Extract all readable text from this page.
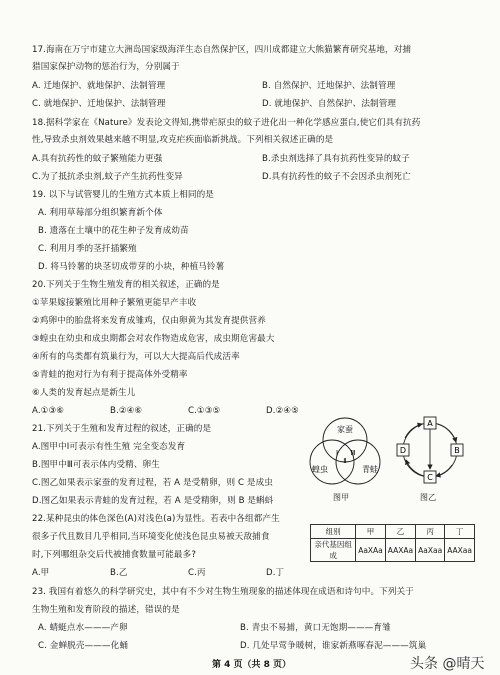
17.海南在万宁市建立大洲岛国家级海洋生态自然保护区，四川成都建立大熊猫繁育研究基地，对捕
猎国家保护动物的惩治行为，分别属于
A. 迁地保护、就地保护、法制管理	B. 自然保护、迁地保护、法制管理
C. 就地保护、迁地保护、法制管理	D. 就地保护、自然保护、法制管理
18.据科学家在《Nature》发表论文得知,携带疟原虫的蚊子进化出一种化学感应蛋白,使它们具有抗药
性,导致杀虫剂效果越来越不明显,攻克疟疾面临新挑战。下列相关叙述正确的是
A.具有抗药性的蚊子繁殖能力更强	B.杀虫剂选择了具有抗药性变异的蚊子
C.为了抵抗杀虫剂,蚊子产生抗药性变异	D.具有抗药性的蚊子不会因杀虫剂死亡
19. 以下与试管婴儿的生殖方式本质上相同的是
A. 利用草莓部分组织繁育新个体
B. 遗落在土壤中的花生种子发育成幼苗
C. 利用月季的茎扦插繁殖
D. 将马铃薯的块茎切成带芽的小块，种植马铃薯
20.下列关于生物生殖发育的相关叙述，正确的是
①苹果嫁接繁殖比用种子繁殖更能早产丰收
②鸡卵中的胎盘将来发育成雏鸡，仅由卵黄为其发育提供营养
③蝗虫在幼虫和成虫期都会对农作物造成危害，成虫期危害最大
④所有的鸟类都有筑巢行为，可以大大提高后代成活率
⑤青蛙的抱对行为有利于提高体外受精率
⑥人类的发育起点是新生儿
A.①③⑥	B.②④⑥	C.①③⑤	D.②④⑤
21.下列关于生殖和发育过程的叙述，正确的是
A.图甲中Ⅰ可表示有性生殖 完全变态发育
B.图甲中Ⅲ可表示体内受精、卵生
C.图乙如果表示家蚕的发育过程，若 A 是受精卵，则 C 是成虫
D.图乙如果表示青蛙的发育过程，若 A 是受精卵，则 B 是蝌蚪
家蚕
蝗虫	青蛙
Ⅰ
Ⅱ
Ⅲ
图甲
A
B
C
D
图乙
22.某种昆虫的体色深色(A)对浅色(a)为显性。若表中各组都产生
很多子代且数目几乎相同,当环境变化使浅色昆虫易被天敌捕食
时,下列哪组杂交后代被捕食数量可能最多?
A.甲	B.乙	C.丙	D.丁
组别	甲	乙	丙	丁
亲代基因组成	AaXAa	AAXAa	AaXaa	AAXaa
23. 我国有着悠久的科学研究史，其中有不少对生物生殖现象的描述体现在成语和诗句中。下列关于
生物生殖和发育阶段的描述，错误的是
A. 蜻蜓点水———产卵	B. 青虫不易捕，黄口无饱期———育雏
C. 金蝉脱壳———化蛹	D. 几处早莺争暖树，谁家新燕啄春泥———筑巢
第 4 页（共 8 页）	头条 @晴天
